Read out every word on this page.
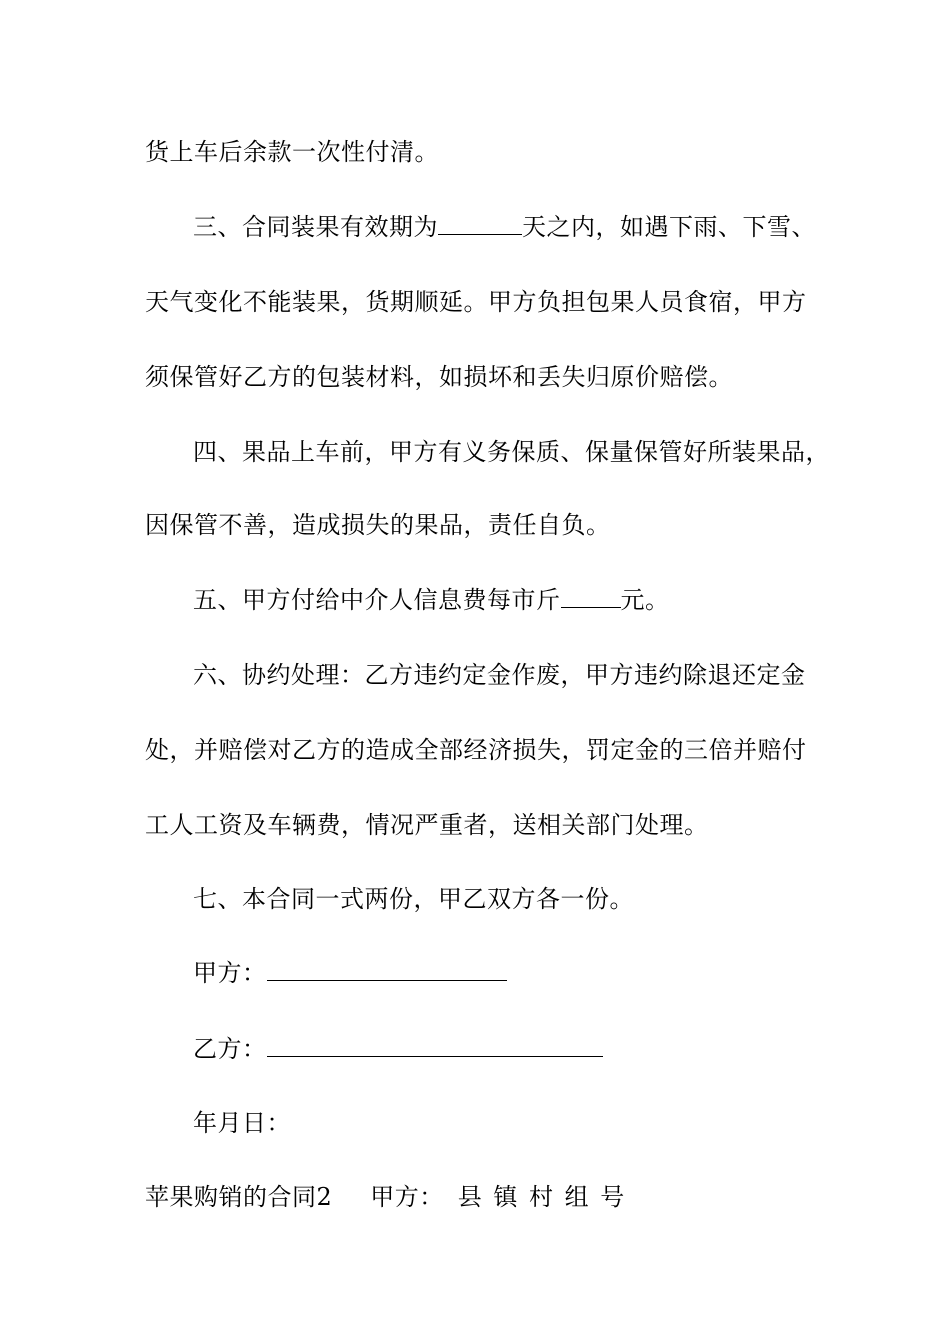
货上车后余款一次性付清。
三、合同装果有效期为	天之内，如遇下雨、下雪、
天气变化不能装果，货期顺延。甲方负担包果人员食宿，甲方
须保管好乙方的包装材料，如损坏和丢失归原价赔偿。
四、果品上车前，甲方有义务保质、保量保管好所装果品，
因保管不善，造成损失的果品，责任自负。
五、甲方付给中介人信息费每市斤	元。
六、协约处理：乙方违约定金作废，甲方违约除退还定金
处，并赔偿对乙方的造成全部经济损失，罚定金的三倍并赔付
工人工资及车辆费，情况严重者，送相关部门处理。
七、本合同一式两份，甲乙双方各一份。
甲方：
乙方：
年月日：
苹果购销的合同2 甲方： 县 镇 村 组 号
